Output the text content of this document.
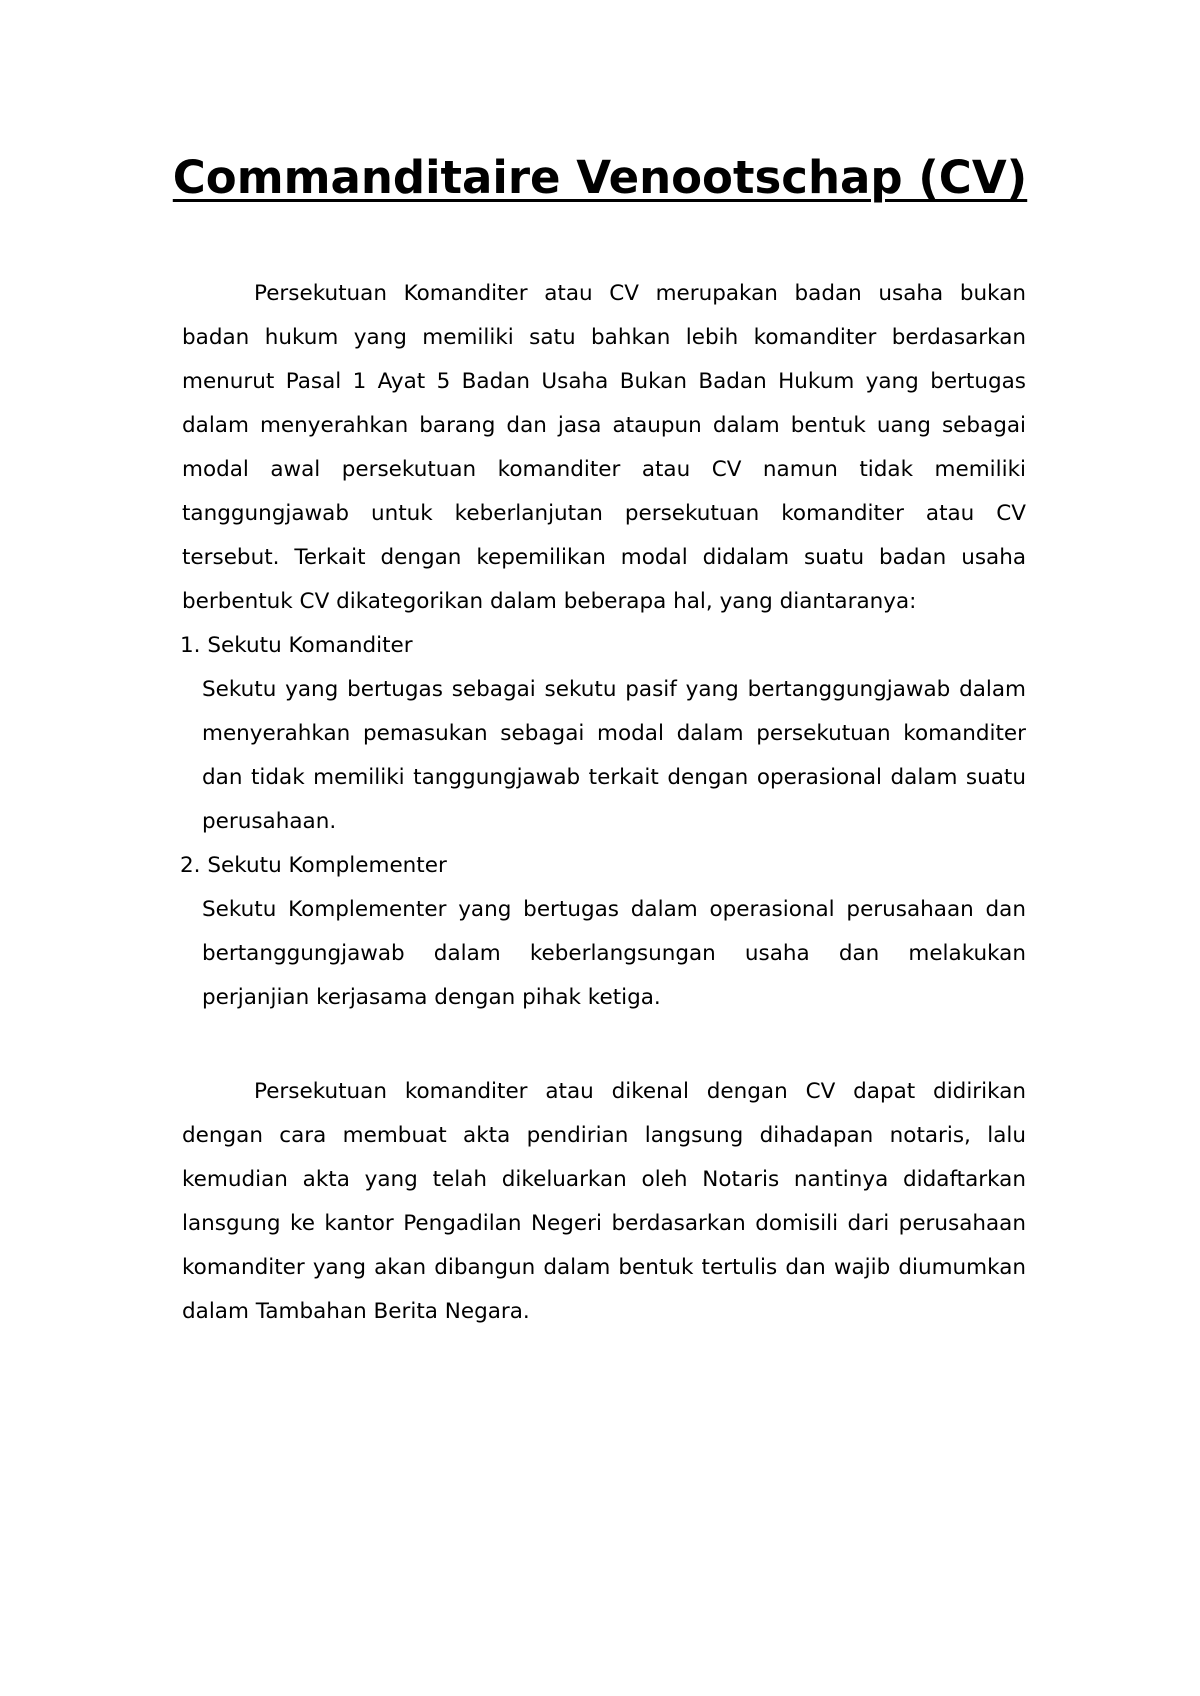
Commanditaire Venootschap (CV)

Persekutuan Komanditer atau CV merupakan badan usaha bukan badan hukum yang memiliki satu bahkan lebih komanditer berdasarkan menurut Pasal 1 Ayat 5 Badan Usaha Bukan Badan Hukum yang bertugas dalam menyerahkan barang dan jasa ataupun dalam bentuk uang sebagai modal awal persekutuan komanditer atau CV namun tidak memiliki tanggungjawab untuk keberlanjutan persekutuan komanditer atau CV tersebut. Terkait dengan kepemilikan modal didalam suatu badan usaha berbentuk CV dikategorikan dalam beberapa hal, yang diantaranya:

1. Sekutu Komanditer
Sekutu yang bertugas sebagai sekutu pasif yang bertanggungjawab dalam menyerahkan pemasukan sebagai modal dalam persekutuan komanditer dan tidak memiliki tanggungjawab terkait dengan operasional dalam suatu perusahaan.
2. Sekutu Komplementer
Sekutu Komplementer yang bertugas dalam operasional perusahaan dan bertanggungjawab dalam keberlangsungan usaha dan melakukan perjanjian kerjasama dengan pihak ketiga.

Persekutuan komanditer atau dikenal dengan CV dapat didirikan dengan cara membuat akta pendirian langsung dihadapan notaris, lalu kemudian akta yang telah dikeluarkan oleh Notaris nantinya didaftarkan lansgung ke kantor Pengadilan Negeri berdasarkan domisili dari perusahaan komanditer yang akan dibangun dalam bentuk tertulis dan wajib diumumkan dalam Tambahan Berita Negara.
